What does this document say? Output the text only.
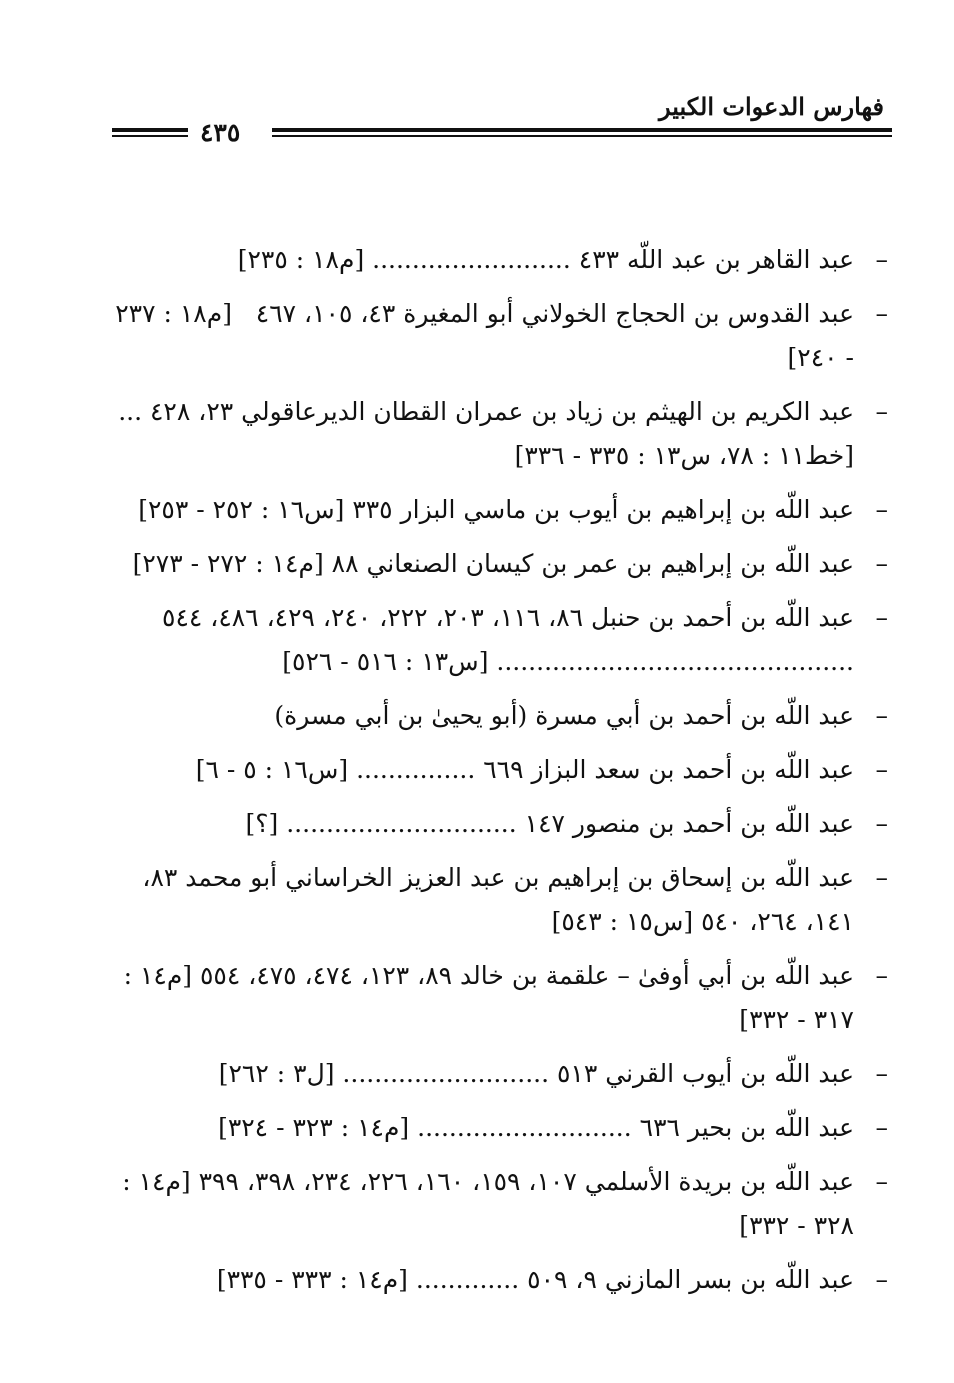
فهارس الدعوات الكبير
٤٣٥
– عبد القاهر بن عبد اللّه ٤٣٣ ......................... [م١٨ : ٢٣٥]
– عبد القدوس بن الحجاج الخولاني أبو المغيرة ٤٣، ١٠٥، ٤٦٧   [م١٨ : ٢٣٧ - ٢٤٠]
– عبد الكريم بن الهيثم بن زياد بن عمران القطان الديرعاقولي ٢٣، ٤٢٨ ... [خط١١ : ٧٨، س١٣ : ٣٣٥ - ٣٣٦]
– عبد اللّه بن إبراهيم بن أيوب بن ماسي البزار ٣٣٥ [س١٦ : ٢٥٢ - ٢٥٣]
– عبد اللّه بن إبراهيم بن عمر بن كيسان الصنعاني ٨٨ [م١٤ : ٢٧٢ - ٢٧٣]
– عبد اللّه بن أحمد بن حنبل ٨٦، ١١٦، ٢٠٣، ٢٢٢، ٢٤٠، ٤٢٩، ٤٨٦، ٥٤٤ ............................................. [س١٣ : ٥١٦ - ٥٢٦]
– عبد اللّه بن أحمد بن أبي مسرة (أبو يحيىٰ بن أبي مسرة)
– عبد اللّه بن أحمد بن سعد البزاز ٦٦٩ ............... [س١٦ : ٥ - ٦]
– عبد اللّه بن أحمد بن منصور ١٤٧ ............................. [؟]
– عبد اللّه بن إسحاق بن إبراهيم بن عبد العزيز الخراساني أبو محمد ٨٣، ١٤١، ٢٦٤، ٥٤٠ [س١٥ : ٥٤٣]
– عبد اللّه بن أبي أوفىٰ – علقمة بن خالد ٨٩، ١٢٣، ٤٧٤، ٤٧٥، ٥٥٤ [م١٤ : ٣١٧ - ٣٣٢]
– عبد اللّه بن أيوب القرني ٥١٣ .......................... [ل٣ : ٢٦٢]
– عبد اللّه بن بحير ٦٣٦ ........................... [م١٤ : ٣٢٣ - ٣٢٤]
– عبد اللّه بن بريدة الأسلمي ١٠٧، ١٥٩، ١٦٠، ٢٢٦، ٢٣٤، ٣٩٨، ٣٩٩ [م١٤ : ٣٢٨ - ٣٣٢]
– عبد اللّه بن بسر المازني ٩، ٥٠٩ ............. [م١٤ : ٣٣٣ - ٣٣٥]
